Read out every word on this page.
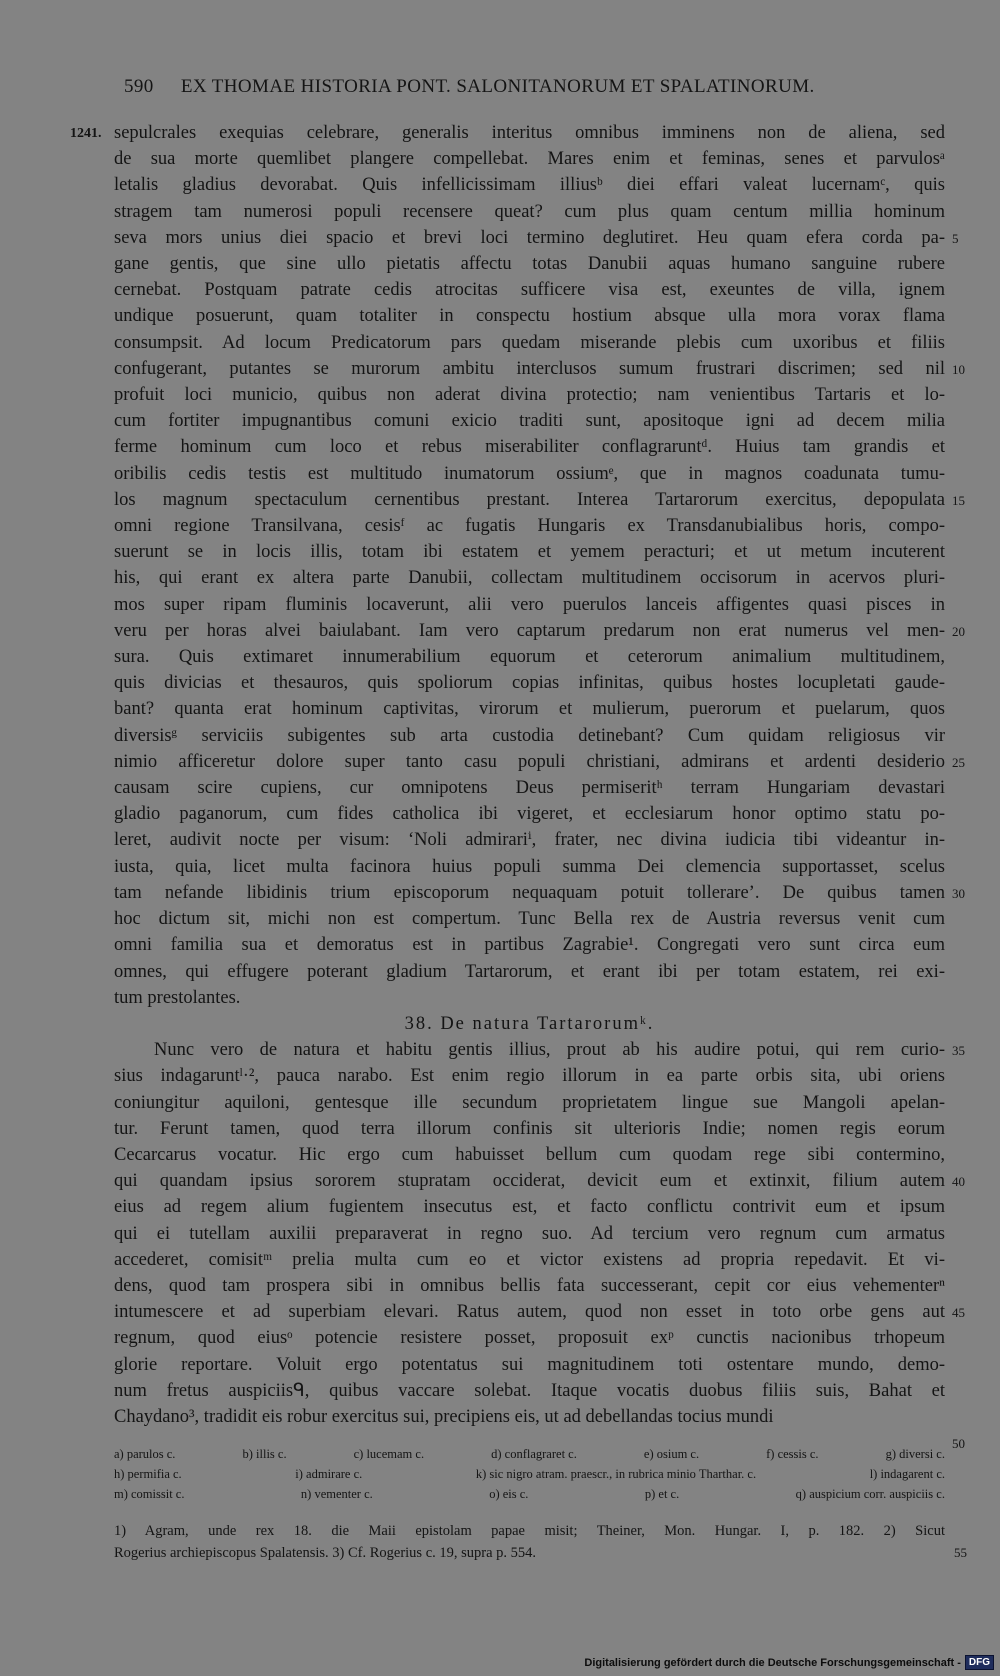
590 EX THOMAE HISTORIA PONT. SALONITANORUM ET SPALATINORUM.
1241. sepulcrales exequias celebrare, generalis interitus omnibus imminens non de aliena, sed
de sua morte quemlibet plangere compellebat. Mares enim et feminas, senes et parvulosᵃ
letalis gladius devorabat. Quis infellicissimam illiusᵇ diei effari valeat lucernamᶜ, quis
stragem tam numerosi populi recensere queat? cum plus quam centum millia hominum
seva mors unius diei spacio et brevi loci termino deglutiret. Heu quam efera corda pa-
gane gentis, que sine ullo pietatis affectu totas Danubii aquas humano sanguine rubere
cernebat. Postquam patrate cedis atrocitas sufficere visa est, exeuntes de villa, ignem
undique posuerunt, quam totaliter in conspectu hostium absque ulla mora vorax flama
consumpsit. Ad locum Predicatorum pars quedam miserande plebis cum uxoribus et filiis
confugerant, putantes se murorum ambitu interclusos sumum frustrari discrimen; sed nil
profuit loci municio, quibus non aderat divina protectio; nam venientibus Tartaris et lo-
cum fortiter impugnantibus comuni exicio traditi sunt, apositoque igni ad decem milia
ferme hominum cum loco et rebus miserabiliter conflagraruntᵈ. Huius tam grandis et
oribilis cedis testis est multitudo inumatorum ossiumᵉ, que in magnos coadunata tumu-
los magnum spectaculum cernentibus prestant. Interea Tartarorum exercitus, depopulata
omni regione Transilvana, cesisᶠ ac fugatis Hungaris ex Transdanubialibus horis, compo-
suerunt se in locis illis, totam ibi estatem et yemem peracturi; et ut metum incuterent
his, qui erant ex altera parte Danubii, collectam multitudinem occisorum in acervos pluri-
mos super ripam fluminis locaverunt, alii vero puerulos lanceis affigentes quasi pisces in
veru per horas alvei baiulabant. Iam vero captarum predarum non erat numerus vel men-
sura. Quis extimaret innumerabilium equorum et ceterorum animalium multitudinem,
quis divicias et thesauros, quis spoliorum copias infinitas, quibus hostes locupletati gaude-
bant? quanta erat hominum captivitas, virorum et mulierum, puerorum et puelarum, quos
diversisᵍ serviciis subigentes sub arta custodia detinebant? Cum quidam religiosus vir
nimio afficeretur dolore super tanto casu populi christiani, admirans et ardenti desiderio
causam scire cupiens, cur omnipotens Deus permiseritʰ terram Hungariam devastari
gladio paganorum, cum fides catholica ibi vigeret, et ecclesiarum honor optimo statu po-
leret, audivit nocte per visum: ‘Noli admirariⁱ, frater, nec divina iudicia tibi videantur in-
iusta, quia, licet multa facinora huius populi summa Dei clemencia supportasset, scelus
tam nefande libidinis trium episcoporum nequaquam potuit tollerare’. De quibus tamen
hoc dictum sit, michi non est compertum. Tunc Bella rex de Austria reversus venit cum
omni familia sua et demoratus est in partibus Zagrabie¹. Congregati vero sunt circa eum
omnes, qui effugere poterant gladium Tartarorum, et erant ibi per totam estatem, rei exi-
tum prestolantes.
38. De natura Tartarorumᵏ.
Nunc vero de natura et habitu gentis illius, prout ab his audire potui, qui rem curio-
sius indagaruntˡ·², pauca narabo. Est enim regio illorum in ea parte orbis sita, ubi oriens
coniungitur aquiloni, gentesque ille secundum proprietatem lingue sue Mangoli apelan-
tur. Ferunt tamen, quod terra illorum confinis sit ulterioris Indie; nomen regis eorum
Cecarcarus vocatur. Hic ergo cum habuisset bellum cum quodam rege sibi contermino,
qui quandam ipsius sororem stupratam occiderat, devicit eum et extinxit, filium autem
eius ad regem alium fugientem insecutus est, et facto conflictu contrivit eum et ipsum
qui ei tutellam auxilii preparaverat in regno suo. Ad tercium vero regnum cum armatus
accederet, comisitᵐ prelia multa cum eo et victor existens ad propria repedavit. Et vi-
dens, quod tam prospera sibi in omnibus bellis fata successerant, cepit cor eius vehementerⁿ
intumescere et ad superbiam elevari. Ratus autem, quod non esset in toto orbe gens aut
regnum, quod eiusᵒ potencie resistere posset, proposuit exᵖ cunctis nacionibus trhopeum
glorie reportare. Voluit ergo potentatus sui magnitudinem toti ostentare mundo, demo-
num fretus auspiciisᑫ, quibus vaccare solebat. Itaque vocatis duobus filiis suis, Bahat et
Chaydano³, tradidit eis robur exercitus sui, precipiens eis, ut ad debellandas tocius mundi
5
10
15
20
25
30
35
40
45
50
a) parulos c.	b) illis c.	c) lucemam c.	d) conflagraret c.	e) osium c.	f) cessis c.	g) diversi c.
h) permifia c.	i) admirare c.	k) sic nigro atram. praescr., in rubrica minio Tharthar. c.	l) indagarent c.
m) comissit c.	n) vementer c.	o) eis c.	p) et c.	q) auspicium corr. auspiciis c.
1) Agram, unde rex 18. die Maii epistolam papae misit; Theiner, Mon. Hungar. I, p. 182. 2) Sicut
Rogerius archiepiscopus Spalatensis. 3) Cf. Rogerius c. 19, supra p. 554.	55
Digitalisierung gefördert durch die Deutsche Forschungsgemeinschaft - DFG
